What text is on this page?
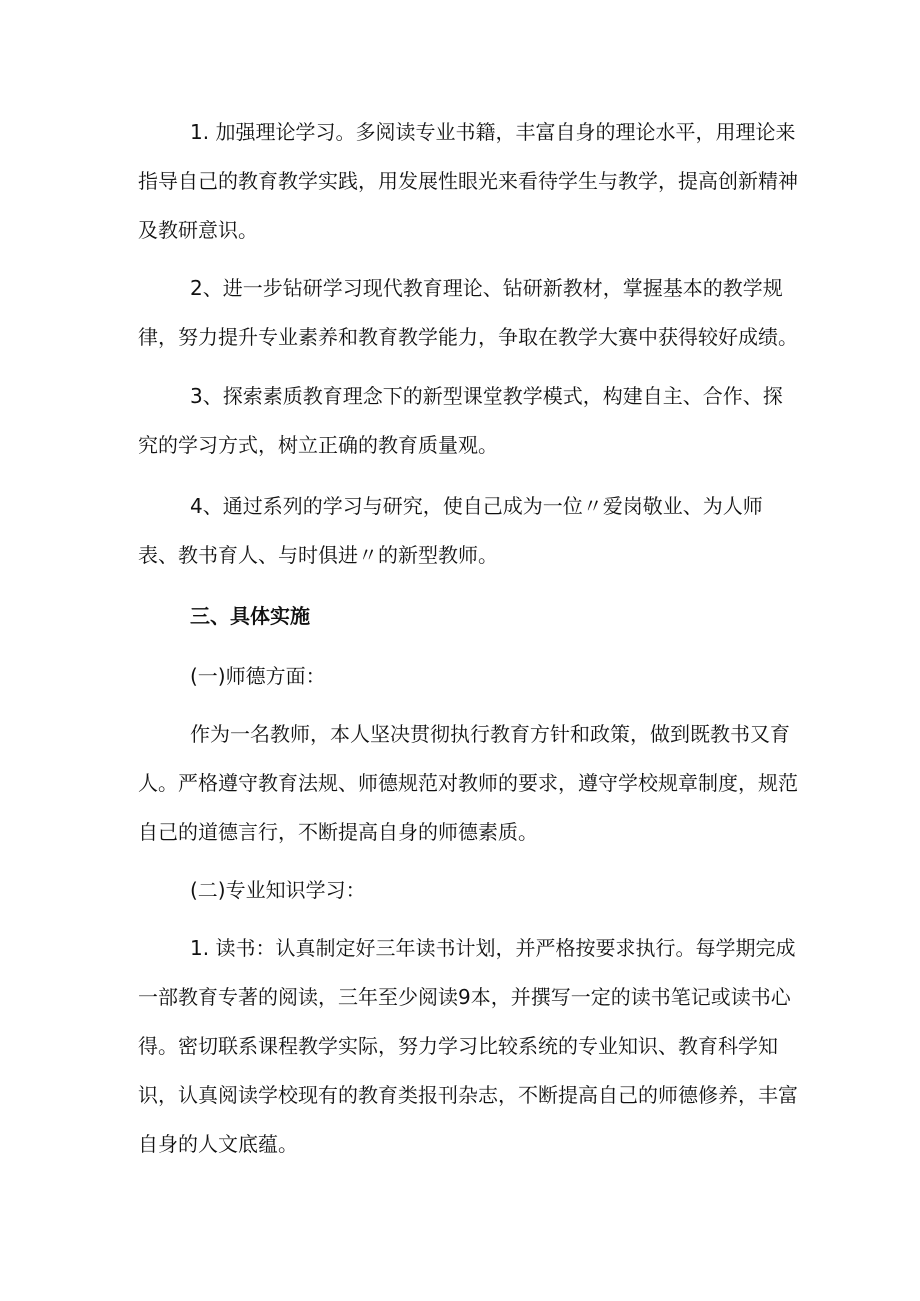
1. 加强理论学习。多阅读专业书籍，丰富自身的理论水平，用理论来指导自己的教育教学实践，用发展性眼光来看待学生与教学，提高创新精神及教研意识。

2、进一步钻研学习现代教育理论、钻研新教材，掌握基本的教学规律，努力提升专业素养和教育教学能力，争取在教学大赛中获得较好成绩。

3、探索素质教育理念下的新型课堂教学模式，构建自主、合作、探究的学习方式，树立正确的教育质量观。

4、通过系列的学习与研究，使自己成为一位〃爱岗敬业、为人师表、教书育人、与时俱进〃的新型教师。

三、具体实施

(一)师德方面：

作为一名教师，本人坚决贯彻执行教育方针和政策，做到既教书又育人。严格遵守教育法规、师德规范对教师的要求，遵守学校规章制度，规范自己的道德言行，不断提高自身的师德素质。

(二)专业知识学习：

1. 读书：认真制定好三年读书计划，并严格按要求执行。每学期完成一部教育专著的阅读，三年至少阅读9本，并撰写一定的读书笔记或读书心得。密切联系课程教学实际，努力学习比较系统的专业知识、教育科学知识，认真阅读学校现有的教育类报刊杂志，不断提高自己的师德修养，丰富自身的人文底蕴。
